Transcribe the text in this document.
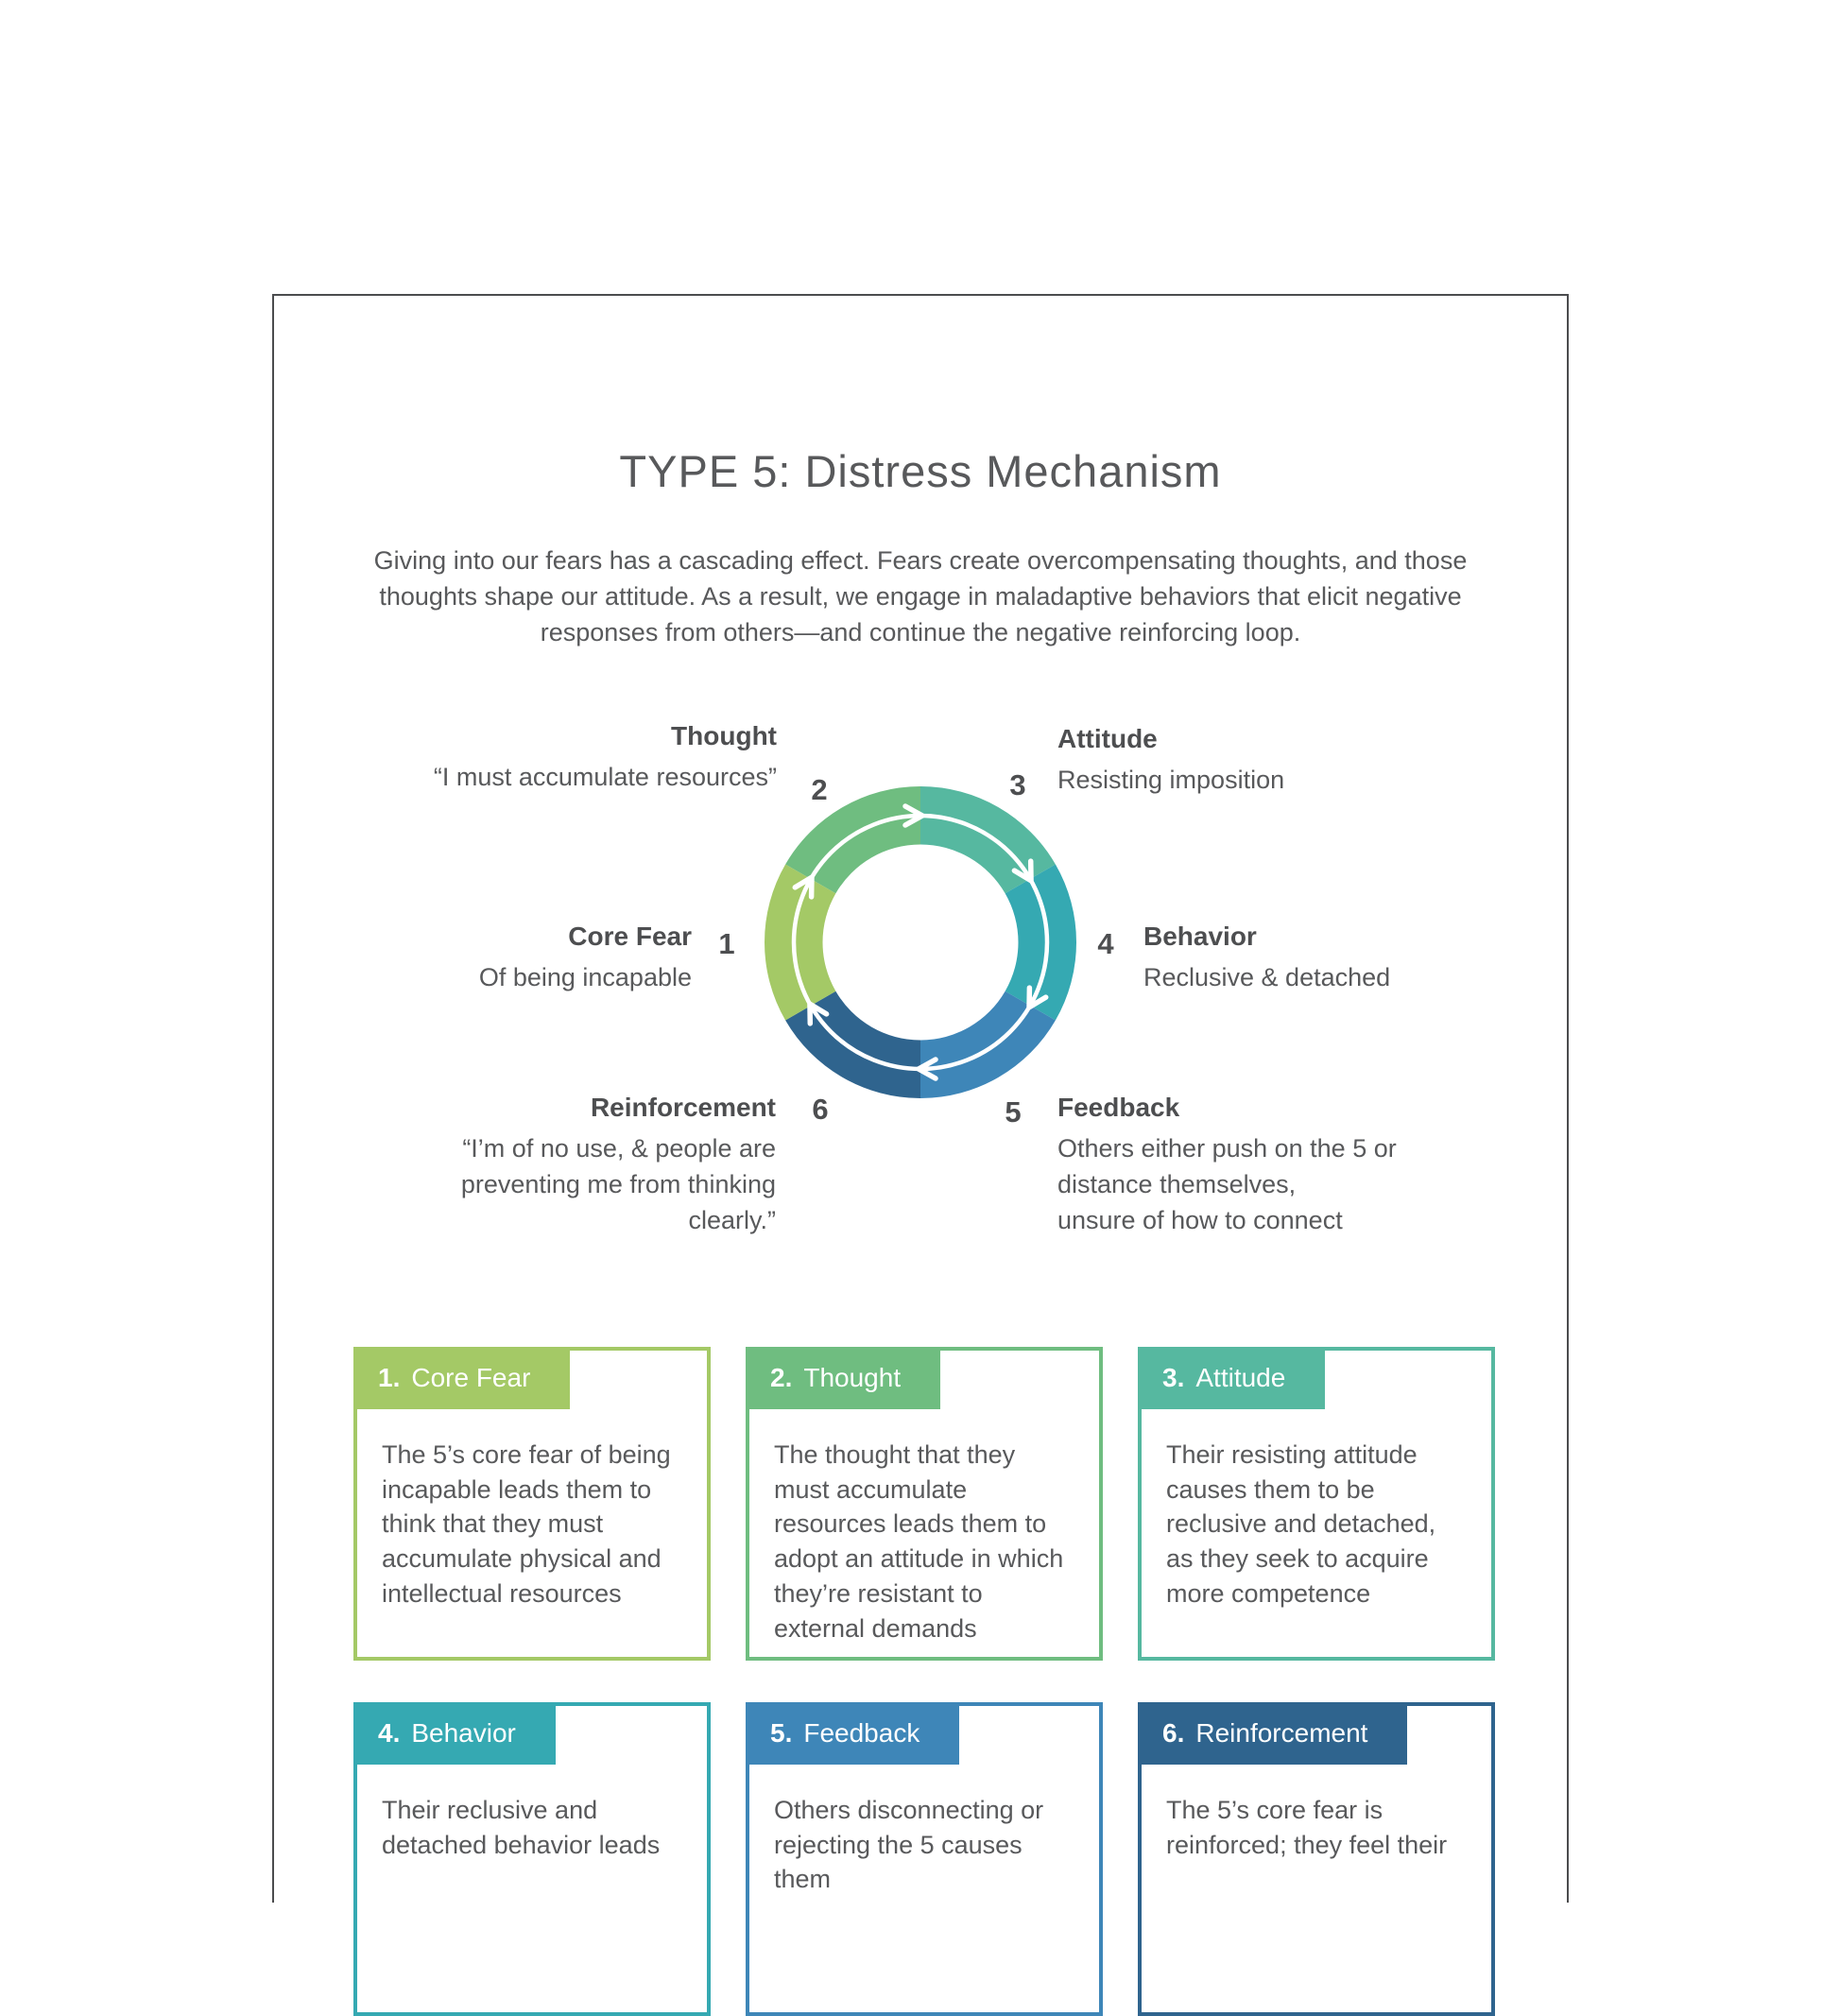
TYPE 5: Distress Mechanism
Giving into our fears has a cascading effect. Fears create overcompensating thoughts, and those thoughts shape our attitude. As a result, we engage in maladaptive behaviors that elicit negative responses from others—and continue the negative reinforcing loop.
1
2	3
4
5
6
Thought
“I must accumulate resources”
Attitude
Resisting imposition
Core Fear
Of being incapable
Behavior
Reclusive & detached
Reinforcement
“I’m of no use, & people are
preventing me from thinking
clearly.”
Feedback
Others either push on the 5 or
distance themselves,
unsure of how to connect
1. Core Fear
The 5’s core fear of being incapable leads them to think that they must accumulate physical and intellectual resources
2. Thought
The thought that they must accumulate resources leads them to adopt an attitude in which they’re resistant to external demands
3. Attitude
Their resisting attitude causes them to be reclusive and detached, as they seek to acquire more competence
4. Behavior
Their reclusive and detached behavior leads
5. Feedback
Others disconnecting or rejecting the 5 causes them
6. Reinforcement
The 5’s core fear is reinforced; they feel their
